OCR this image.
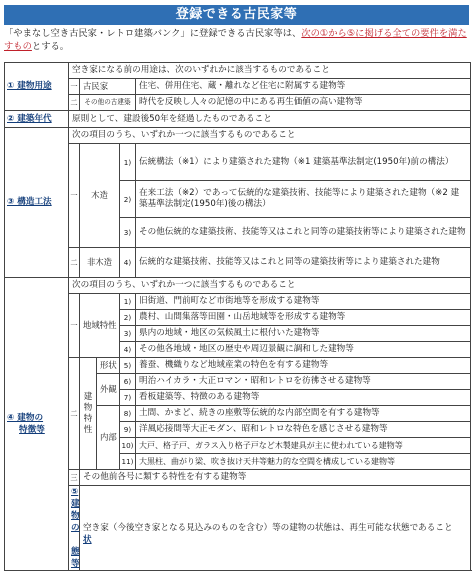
登録できる古民家等
「やまなし空き古民家・レトロ建築バンク」に登録できる古民家等は、次の①から⑤に掲げる全ての要件を満たすものとする。
① 建物用途	空き家になる前の用途は、次のいずれかに該当するものであること				
	一	古民家			住宅、併用住宅、蔵・離れなど住宅に附属する建物等
	二	その他の古建築			時代を反映し人々の記憶の中にある再生価値の高い建物等
② 建築年代	原則として、建設後50年を経過したものであること				
③ 構造工法	次の項目のうち、いずれか一つに該当するものであること				
	一	木造		1)	伝統構法（※1）により建築された建物（※1 建築基準法制定(1950年)前の構法）
				2)	在来工法（※2）であって伝統的な建築技術、技能等により建築された建物（※2 建築基準法制定(1950年)後の構法）
				3)	その他伝統的な建築技術、技能等又はこれと同等の建築技術等により建築された建物
	二	非木造		4)	伝統的な建築技術、技能等又はこれと同等の建築技術等により建築された建物
④ 建物の
特徴等	次の項目のうち、いずれか一つに該当するものであること				
	一	地域特性		1)	旧街道、門前町など市街地等を形成する建物等
				2)	農村、山間集落等田園・山岳地域等を形成する建物等
				3)	県内の地域・地区の気候風土に根付いた建物等
				4)	その他各地域・地区の歴史や周辺景観に調和した建物等
	二	建
物
特
性	形状	5)	養蚕、機織りなど地域産業の特色を有する建物等
			外観	6)	明治ハイカラ・大正ロマン・昭和レトロを彷彿させる建物等
				7)	看板建築等、特徴のある建物等
			内部	8)	土間、かまど、続きの座敷等伝統的な内部空間を有する建物等
				9)	洋風応接間等大正モダン、昭和レトロな特色を感じさせる建物等
				10)	大戸、格子戸、ガラス入り格子戸など木製建具が主に使われている建物等
				11)	大黒柱、曲がり梁、吹き抜け天井等魅力的な空間を構成している建物等
	三	その他前各号に類する特性を有する建物等			
	⑤ 建物の
状態等	空き家（今後空き家となる見込みのものを含む）等の建物の状態は、再生可能な状態であること			
